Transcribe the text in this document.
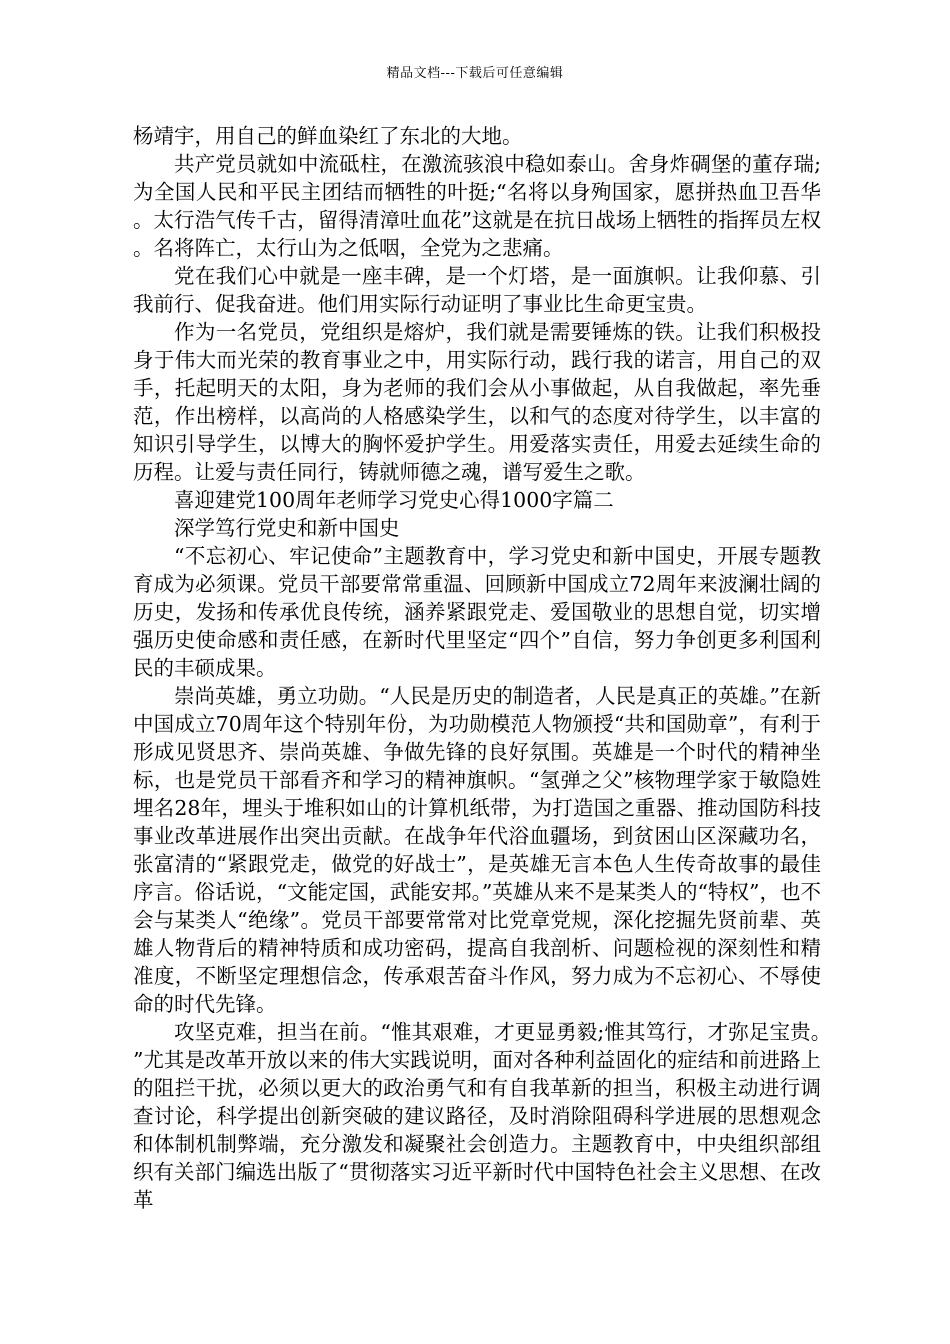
精品文档---下载后可任意编辑

杨靖宇，用自己的鲜血染红了东北的大地。

共产党员就如中流砥柱，在激流骇浪中稳如泰山。舍身炸碉堡的董存瑞;为全国人民和平民主团结而牺牲的叶挺;“名将以身殉国家，愿拼热血卫吾华。太行浩气传千古，留得清漳吐血花”这就是在抗日战场上牺牲的指挥员左权。名将阵亡，太行山为之低咽，全党为之悲痛。

党在我们心中就是一座丰碑，是一个灯塔，是一面旗帜。让我仰慕、引我前行、促我奋进。他们用实际行动证明了事业比生命更宝贵。

作为一名党员，党组织是熔炉，我们就是需要锤炼的铁。让我们积极投身于伟大而光荣的教育事业之中，用实际行动，践行我的诺言，用自己的双手，托起明天的太阳，身为老师的我们会从小事做起，从自我做起，率先垂范，作出榜样，以高尚的人格感染学生，以和气的态度对待学生，以丰富的知识引导学生，以博大的胸怀爱护学生。用爱落实责任，用爱去延续生命的历程。让爱与责任同行，铸就师德之魂，谱写爱生之歌。

喜迎建党100周年老师学习党史心得1000字篇二

深学笃行党史和新中国史

“不忘初心、牢记使命”主题教育中，学习党史和新中国史，开展专题教育成为必须课。党员干部要常常重温、回顾新中国成立72周年来波澜壮阔的历史，发扬和传承优良传统，涵养紧跟党走、爱国敬业的思想自觉，切实增强历史使命感和责任感，在新时代里坚定“四个”自信，努力争创更多利国利民的丰硕成果。

崇尚英雄，勇立功勋。“人民是历史的制造者，人民是真正的英雄。”在新中国成立70周年这个特别年份，为功勋模范人物颁授“共和国勋章”，有利于形成见贤思齐、崇尚英雄、争做先锋的良好氛围。英雄是一个时代的精神坐标，也是党员干部看齐和学习的精神旗帜。“氢弹之父”核物理学家于敏隐姓埋名28年，埋头于堆积如山的计算机纸带，为打造国之重器、推动国防科技事业改革进展作出突出贡献。在战争年代浴血疆场，到贫困山区深藏功名，张富清的“紧跟党走，做党的好战士”，是英雄无言本色人生传奇故事的最佳序言。俗话说，“文能定国，武能安邦。”英雄从来不是某类人的“特权”，也不会与某类人“绝缘”。党员干部要常常对比党章党规，深化挖掘先贤前辈、英雄人物背后的精神特质和成功密码，提高自我剖析、问题检视的深刻性和精准度，不断坚定理想信念，传承艰苦奋斗作风，努力成为不忘初心、不辱使命的时代先锋。

攻坚克难，担当在前。“惟其艰难，才更显勇毅;惟其笃行，才弥足宝贵。”尤其是改革开放以来的伟大实践说明，面对各种利益固化的症结和前进路上的阻拦干扰，必须以更大的政治勇气和有自我革新的担当，积极主动进行调查讨论，科学提出创新突破的建议路径，及时消除阻碍科学进展的思想观念和体制机制弊端，充分激发和凝聚社会创造力。主题教育中，中央组织部组织有关部门编选出版了“贯彻落实习近平新时代中国特色社会主义思想、在改革
